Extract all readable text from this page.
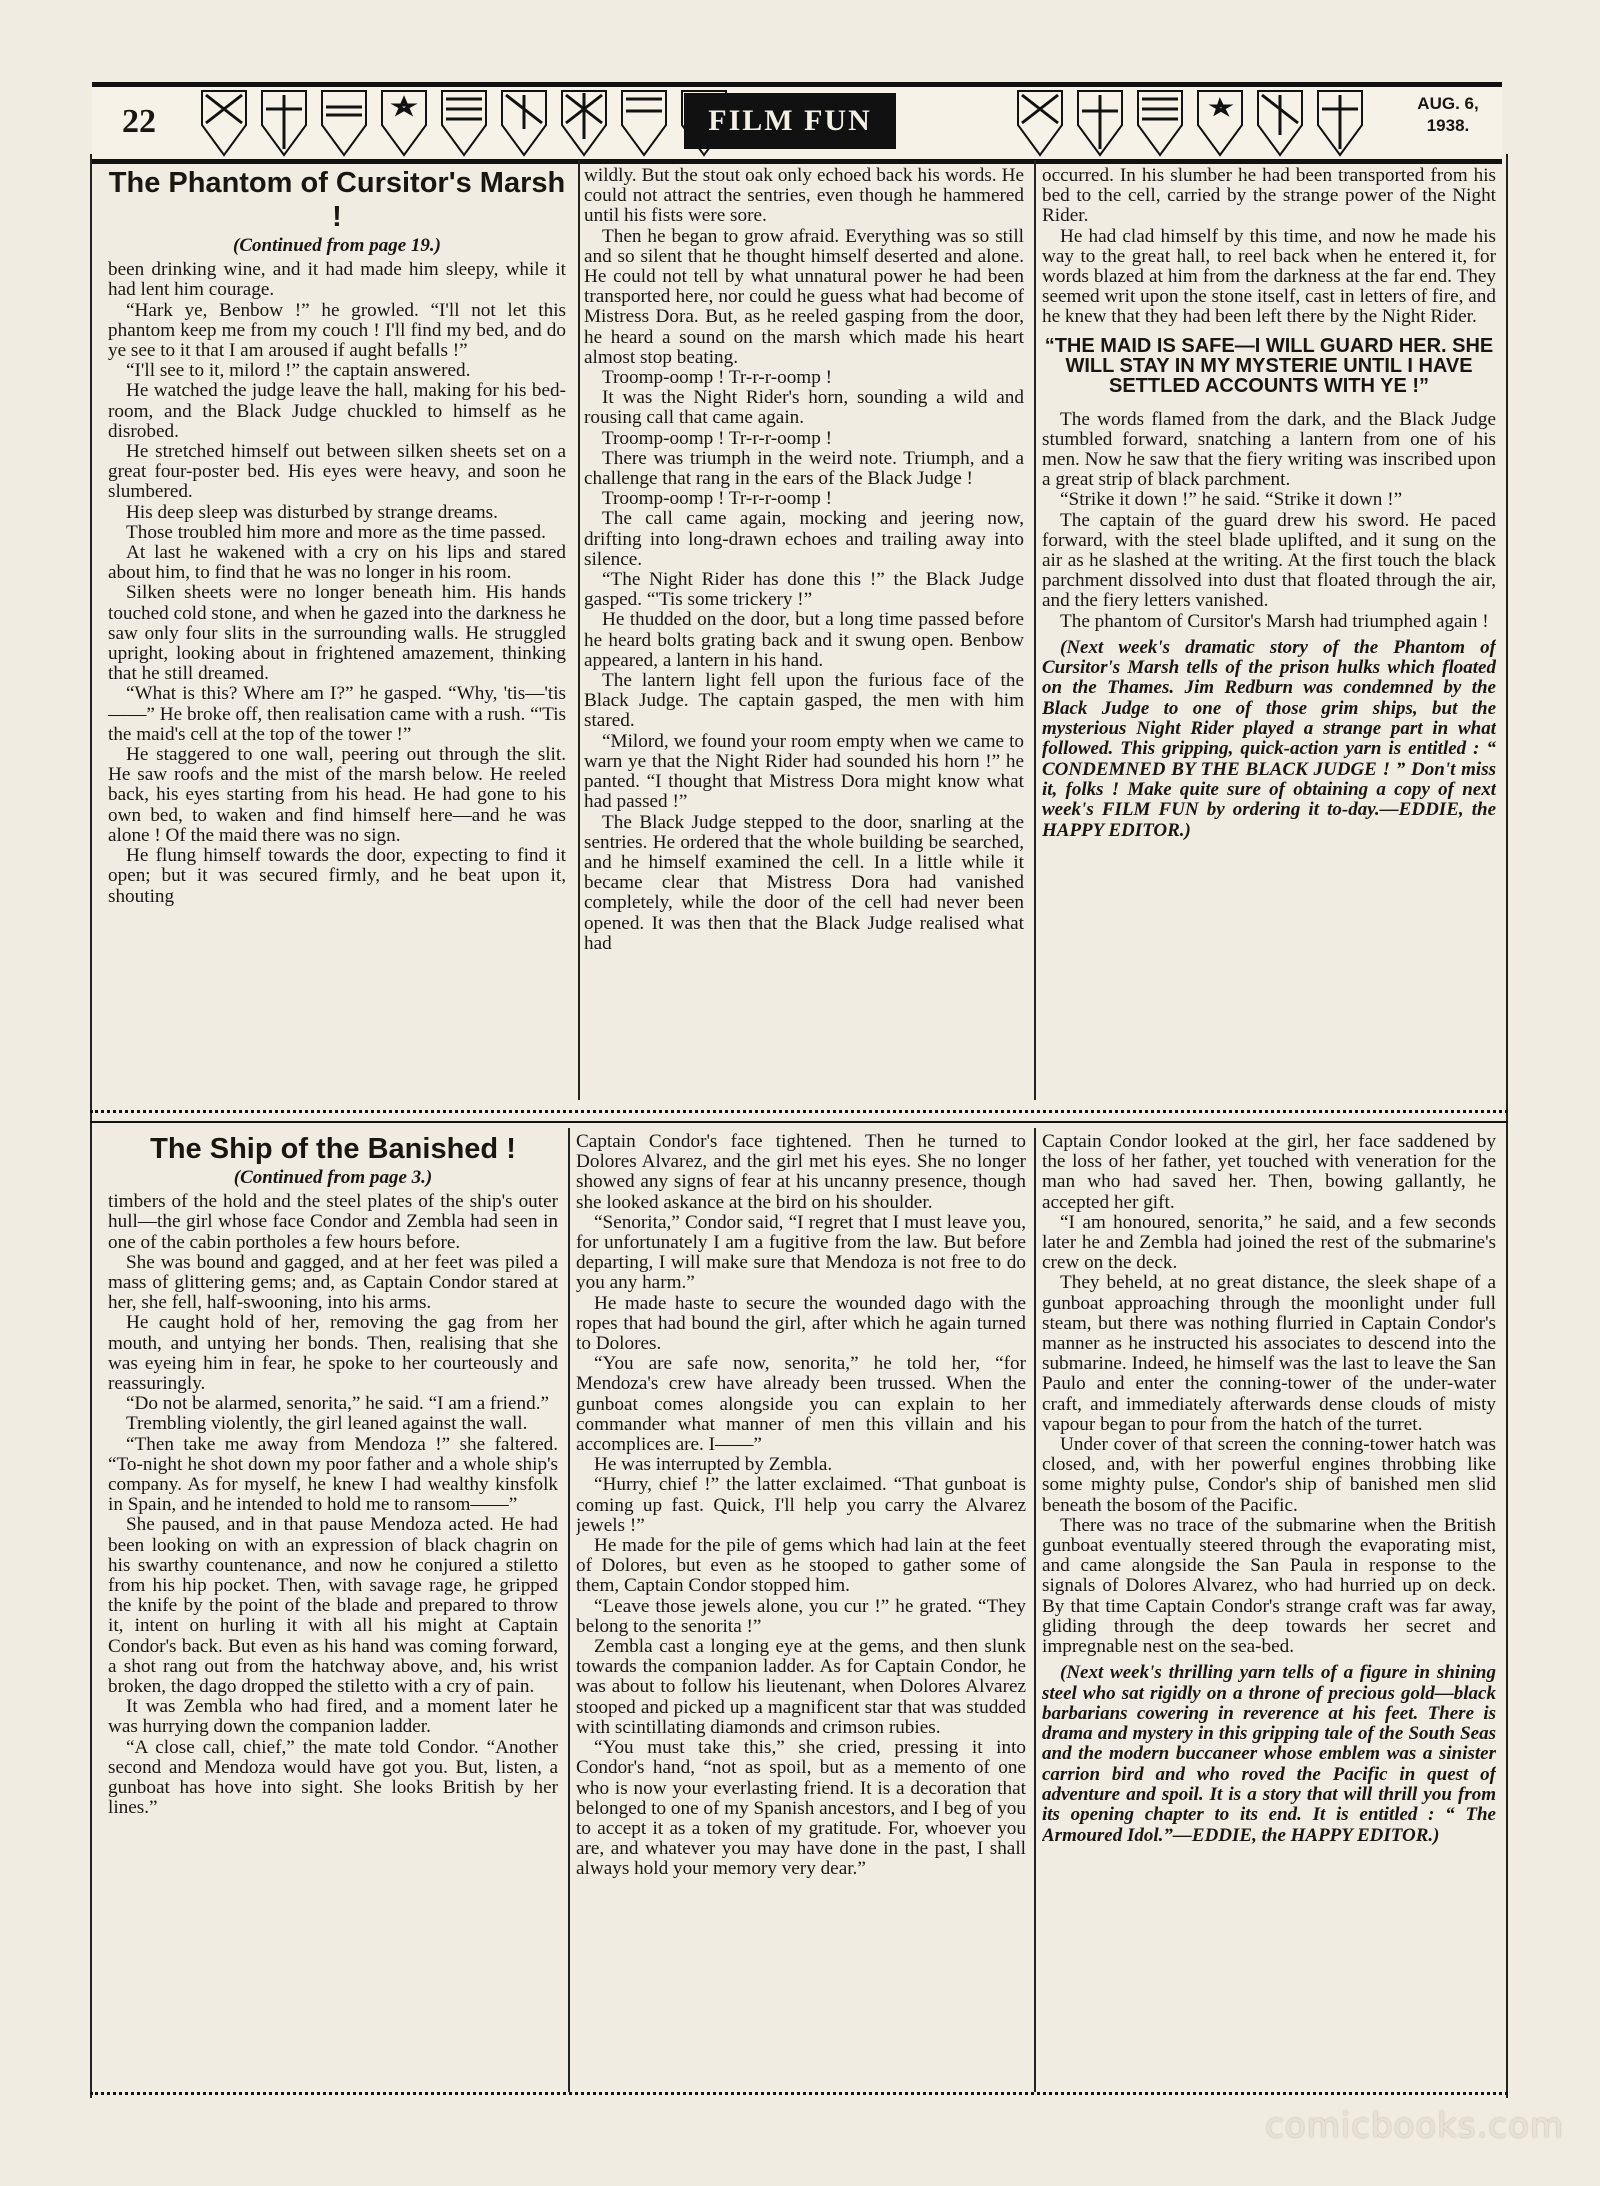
22	FILM FUN
AUG. 6,
1938.
The Phantom of Cursitor's Marsh !
(Continued from page 19.)

been drinking wine, and it had made him sleepy, while it had lent him courage.

“Hark ye, Benbow !” he growled. “I'll not let this phantom keep me from my couch ! I'll find my bed, and do ye see to it that I am aroused if aught befalls !”

“I'll see to it, milord !” the captain answered.

He watched the judge leave the hall, making for his bed-room, and the Black Judge chuckled to himself as he disrobed.

He stretched himself out between silken sheets set on a great four-poster bed. His eyes were heavy, and soon he slumbered.

His deep sleep was disturbed by strange dreams.

Those troubled him more and more as the time passed.

At last he wakened with a cry on his lips and stared about him, to find that he was no longer in his room.

Silken sheets were no longer beneath him. His hands touched cold stone, and when he gazed into the darkness he saw only four slits in the surrounding walls. He struggled upright, looking about in frightened amazement, thinking that he still dreamed.

“What is this? Where am I?” he gasped. “Why, 'tis—'tis——” He broke off, then realisation came with a rush. “'Tis the maid's cell at the top of the tower !”

He staggered to one wall, peering out through the slit. He saw roofs and the mist of the marsh below. He reeled back, his eyes starting from his head. He had gone to his own bed, to waken and find himself here—and he was alone ! Of the maid there was no sign.

He flung himself towards the door, expecting to find it open; but it was secured firmly, and he beat upon it, shouting

wildly. But the stout oak only echoed back his words. He could not attract the sentries, even though he hammered until his fists were sore.

Then he began to grow afraid. Everything was so still and so silent that he thought himself deserted and alone. He could not tell by what unnatural power he had been transported here, nor could he guess what had become of Mistress Dora. But, as he reeled gasping from the door, he heard a sound on the marsh which made his heart almost stop beating.

Troomp-oomp ! Tr-r-r-oomp !

It was the Night Rider's horn, sounding a wild and rousing call that came again.

Troomp-oomp ! Tr-r-r-oomp !

There was triumph in the weird note. Triumph, and a challenge that rang in the ears of the Black Judge !

Troomp-oomp ! Tr-r-r-oomp !

The call came again, mocking and jeering now, drifting into long-drawn echoes and trailing away into silence.

“The Night Rider has done this !” the Black Judge gasped. “'Tis some trickery !”

He thudded on the door, but a long time passed before he heard bolts grating back and it swung open. Benbow appeared, a lantern in his hand.

The lantern light fell upon the furious face of the Black Judge. The captain gasped, the men with him stared.

“Milord, we found your room empty when we came to warn ye that the Night Rider had sounded his horn !” he panted. “I thought that Mistress Dora might know what had passed !”

The Black Judge stepped to the door, snarling at the sentries. He ordered that the whole building be searched, and he himself examined the cell. In a little while it became clear that Mistress Dora had vanished completely, while the door of the cell had never been opened. It was then that the Black Judge realised what had

occurred. In his slumber he had been transported from his bed to the cell, carried by the strange power of the Night Rider.

He had clad himself by this time, and now he made his way to the great hall, to reel back when he entered it, for words blazed at him from the darkness at the far end. They seemed writ upon the stone itself, cast in letters of fire, and he knew that they had been left there by the Night Rider.

“THE MAID IS SAFE—I WILL GUARD HER. SHE WILL STAY IN MY MYSTERIE UNTIL I HAVE SETTLED ACCOUNTS WITH YE !”

The words flamed from the dark, and the Black Judge stumbled forward, snatching a lantern from one of his men. Now he saw that the fiery writing was inscribed upon a great strip of black parchment.

“Strike it down !” he said. “Strike it down !”

The captain of the guard drew his sword. He paced forward, with the steel blade uplifted, and it sung on the air as he slashed at the writing. At the first touch the black parchment dissolved into dust that floated through the air, and the fiery letters vanished.

The phantom of Cursitor's Marsh had triumphed again !

(Next week's dramatic story of the Phantom of Cursitor's Marsh tells of the prison hulks which floated on the Thames. Jim Redburn was condemned by the Black Judge to one of those grim ships, but the mysterious Night Rider played a strange part in what followed. This gripping, quick-action yarn is entitled : “ CONDEMNED BY THE BLACK JUDGE ! ” Don't miss it, folks ! Make quite sure of obtaining a copy of next week's FILM FUN by ordering it to-day.—EDDIE, the HAPPY EDITOR.)

The Ship of the Banished !
(Continued from page 3.)

timbers of the hold and the steel plates of the ship's outer hull—the girl whose face Condor and Zembla had seen in one of the cabin portholes a few hours before.

She was bound and gagged, and at her feet was piled a mass of glittering gems; and, as Captain Condor stared at her, she fell, half-swooning, into his arms.

He caught hold of her, removing the gag from her mouth, and untying her bonds. Then, realising that she was eyeing him in fear, he spoke to her courteously and reassuringly.

“Do not be alarmed, senorita,” he said. “I am a friend.”

Trembling violently, the girl leaned against the wall.

“Then take me away from Mendoza !” she faltered. “To-night he shot down my poor father and a whole ship's company. As for myself, he knew I had wealthy kinsfolk in Spain, and he intended to hold me to ransom——”

She paused, and in that pause Mendoza acted. He had been looking on with an expression of black chagrin on his swarthy countenance, and now he conjured a stiletto from his hip pocket. Then, with savage rage, he gripped the knife by the point of the blade and prepared to throw it, intent on hurling it with all his might at Captain Condor's back. But even as his hand was coming forward, a shot rang out from the hatchway above, and, his wrist broken, the dago dropped the stiletto with a cry of pain.

It was Zembla who had fired, and a moment later he was hurrying down the companion ladder.

“A close call, chief,” the mate told Condor. “Another second and Mendoza would have got you. But, listen, a gunboat has hove into sight. She looks British by her lines.”

Captain Condor's face tightened. Then he turned to Dolores Alvarez, and the girl met his eyes. She no longer showed any signs of fear at his uncanny presence, though she looked askance at the bird on his shoulder.

“Senorita,” Condor said, “I regret that I must leave you, for unfortunately I am a fugitive from the law. But before departing, I will make sure that Mendoza is not free to do you any harm.”

He made haste to secure the wounded dago with the ropes that had bound the girl, after which he again turned to Dolores.

“You are safe now, senorita,” he told her, “for Mendoza's crew have already been trussed. When the gunboat comes alongside you can explain to her commander what manner of men this villain and his accomplices are. I——”

He was interrupted by Zembla.

“Hurry, chief !” the latter exclaimed. “That gunboat is coming up fast. Quick, I'll help you carry the Alvarez jewels !”

He made for the pile of gems which had lain at the feet of Dolores, but even as he stooped to gather some of them, Captain Condor stopped him.

“Leave those jewels alone, you cur !” he grated. “They belong to the senorita !”

Zembla cast a longing eye at the gems, and then slunk towards the companion ladder. As for Captain Condor, he was about to follow his lieutenant, when Dolores Alvarez stooped and picked up a magnificent star that was studded with scintillating diamonds and crimson rubies.

“You must take this,” she cried, pressing it into Condor's hand, “not as spoil, but as a memento of one who is now your everlasting friend. It is a decoration that belonged to one of my Spanish ancestors, and I beg of you to accept it as a token of my gratitude. For, whoever you are, and whatever you may have done in the past, I shall always hold your memory very dear.”

Captain Condor looked at the girl, her face saddened by the loss of her father, yet touched with veneration for the man who had saved her. Then, bowing gallantly, he accepted her gift.

“I am honoured, senorita,” he said, and a few seconds later he and Zembla had joined the rest of the submarine's crew on the deck.

They beheld, at no great distance, the sleek shape of a gunboat approaching through the moonlight under full steam, but there was nothing flurried in Captain Condor's manner as he instructed his associates to descend into the submarine. Indeed, he himself was the last to leave the San Paulo and enter the conning-tower of the under-water craft, and immediately afterwards dense clouds of misty vapour began to pour from the hatch of the turret.

Under cover of that screen the conning-tower hatch was closed, and, with her powerful engines throbbing like some mighty pulse, Condor's ship of banished men slid beneath the bosom of the Pacific.

There was no trace of the submarine when the British gunboat eventually steered through the evaporating mist, and came alongside the San Paula in response to the signals of Dolores Alvarez, who had hurried up on deck. By that time Captain Condor's strange craft was far away, gliding through the deep towards her secret and impregnable nest on the sea-bed.

(Next week's thrilling yarn tells of a figure in shining steel who sat rigidly on a throne of precious gold—black barbarians cowering in reverence at his feet. There is drama and mystery in this gripping tale of the South Seas and the modern buccaneer whose emblem was a sinister carrion bird and who roved the Pacific in quest of adventure and spoil. It is a story that will thrill you from its opening chapter to its end. It is entitled : “ The Armoured Idol.”—EDDIE, the HAPPY EDITOR.)

comicbooks.com
